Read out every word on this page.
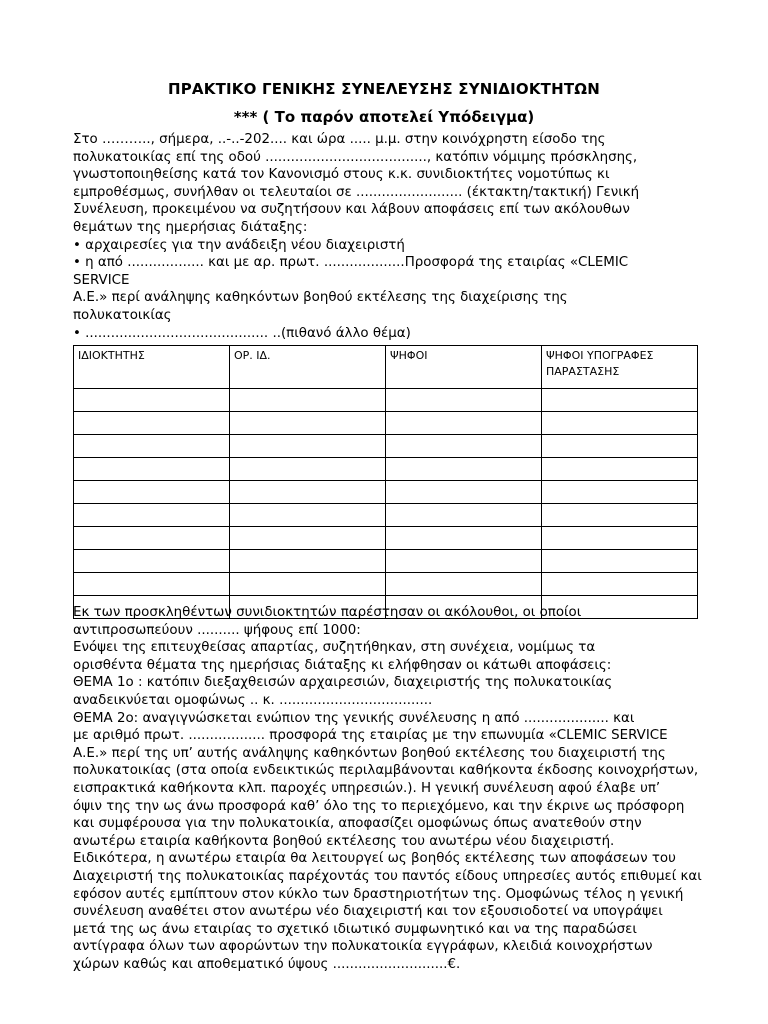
ΠΡΑΚΤΙΚΟ ΓΕΝΙΚΗΣ ΣΥΝΕΛΕΥΣΗΣ ΣΥΝΙΔΙΟΚΤΗΤΩΝ
*** ( Το παρόν αποτελεί Υπόδειγμα)
Στο ……….., σήμερα, ..-..-202.... και ώρα ..... μ.μ. στην κοινόχρηστη είσοδο της
πολυκατοικίας επί της οδού ......................................, κατόπιν νόμιμης πρόσκλησης,
γνωστοποιηθείσης κατά τον Κανονισμό στους κ.κ. συνιδιοκτήτες νομοτύπως κι
εμπροθέσμως, συνήλθαν οι τελευταίοι σε ......................... (έκτακτη/τακτική) Γενική
Συνέλευση, προκειμένου να συζητήσουν και λάβουν αποφάσεις επί των ακόλουθων
θεμάτων της ημερήσιας διάταξης:
• αρχαιρεσίες για την ανάδειξη νέου διαχειριστή
• η από .................. και με αρ. πρωτ. ...................Προσφορά της εταιρίας «CLEMIC
SERVICE
Α.Ε.» περί ανάληψης καθηκόντων βοηθού εκτέλεσης της διαχείρισης της
πολυκατοικίας
• ........................................... ..(πιθανό άλλο θέμα)
ΙΔΙΟΚΤΗΤΗΣ	ΟΡ. ΙΔ.	ΨΗΦΟΙ	ΨΗΦΟΙ ΥΠΟΓΡΑΦΕΣ ΠΑΡΑΣΤΑΣΗΣ

Εκ των προσκληθέντων συνιδιοκτητών παρέστησαν οι ακόλουθοι, οι οποίοι
αντιπροσωπεύουν .......... ψήφους επί 1000:
Ενόψει της επιτευχθείσας απαρτίας, συζητήθηκαν, στη συνέχεια, νομίμως τα
ορισθέντα θέματα της ημερήσιας διάταξης κι ελήφθησαν οι κάτωθι αποφάσεις:
ΘΕΜΑ 1ο : κατόπιν διεξαχθεισών αρχαιρεσιών, διαχειριστής της πολυκατοικίας
αναδεικνύεται ομοφώνως .. κ. ....................................
ΘΕΜΑ 2ο: αναγιγνώσκεται ενώπιον της γενικής συνέλευσης η από .................... και
με αριθμό πρωτ. .................. προσφορά της εταιρίας με την επωνυμία «CLEMIC SERVICE
Α.Ε.» περί της υπ’ αυτής ανάληψης καθηκόντων βοηθού εκτέλεσης του διαχειριστή της
πολυκατοικίας (στα οποία ενδεικτικώς περιλαμβάνονται καθήκοντα έκδοσης κοινοχρήστων,
εισπρακτικά καθήκοντα κλπ. παροχές υπηρεσιών.). Η γενική συνέλευση αφού έλαβε υπ’
όψιν της την ως άνω προσφορά καθ’ όλο της το περιεχόμενο, και την έκρινε ως πρόσφορη
και συμφέρουσα για την πολυκατοικία, αποφασίζει ομοφώνως όπως ανατεθούν στην
ανωτέρω εταιρία καθήκοντα βοηθού εκτέλεσης του ανωτέρω νέου διαχειριστή.
Ειδικότερα, η ανωτέρω εταιρία θα λειτουργεί ως βοηθός εκτέλεσης των αποφάσεων του
Διαχειριστή της πολυκατοικίας παρέχοντάς του παντός είδους υπηρεσίες αυτός επιθυμεί και
εφόσον αυτές εμπίπτουν στον κύκλο των δραστηριοτήτων της. Ομοφώνως τέλος η γενική
συνέλευση αναθέτει στον ανωτέρω νέο διαχειριστή και τον εξουσιοδοτεί να υπογράψει
μετά της ως άνω εταιρίας το σχετικό ιδιωτικό συμφωνητικό και να της παραδώσει
αντίγραφα όλων των αφορώντων την πολυκατοικία εγγράφων, κλειδιά κοινοχρήστων
χώρων καθώς και αποθεματικό ύψους ...........................€.
